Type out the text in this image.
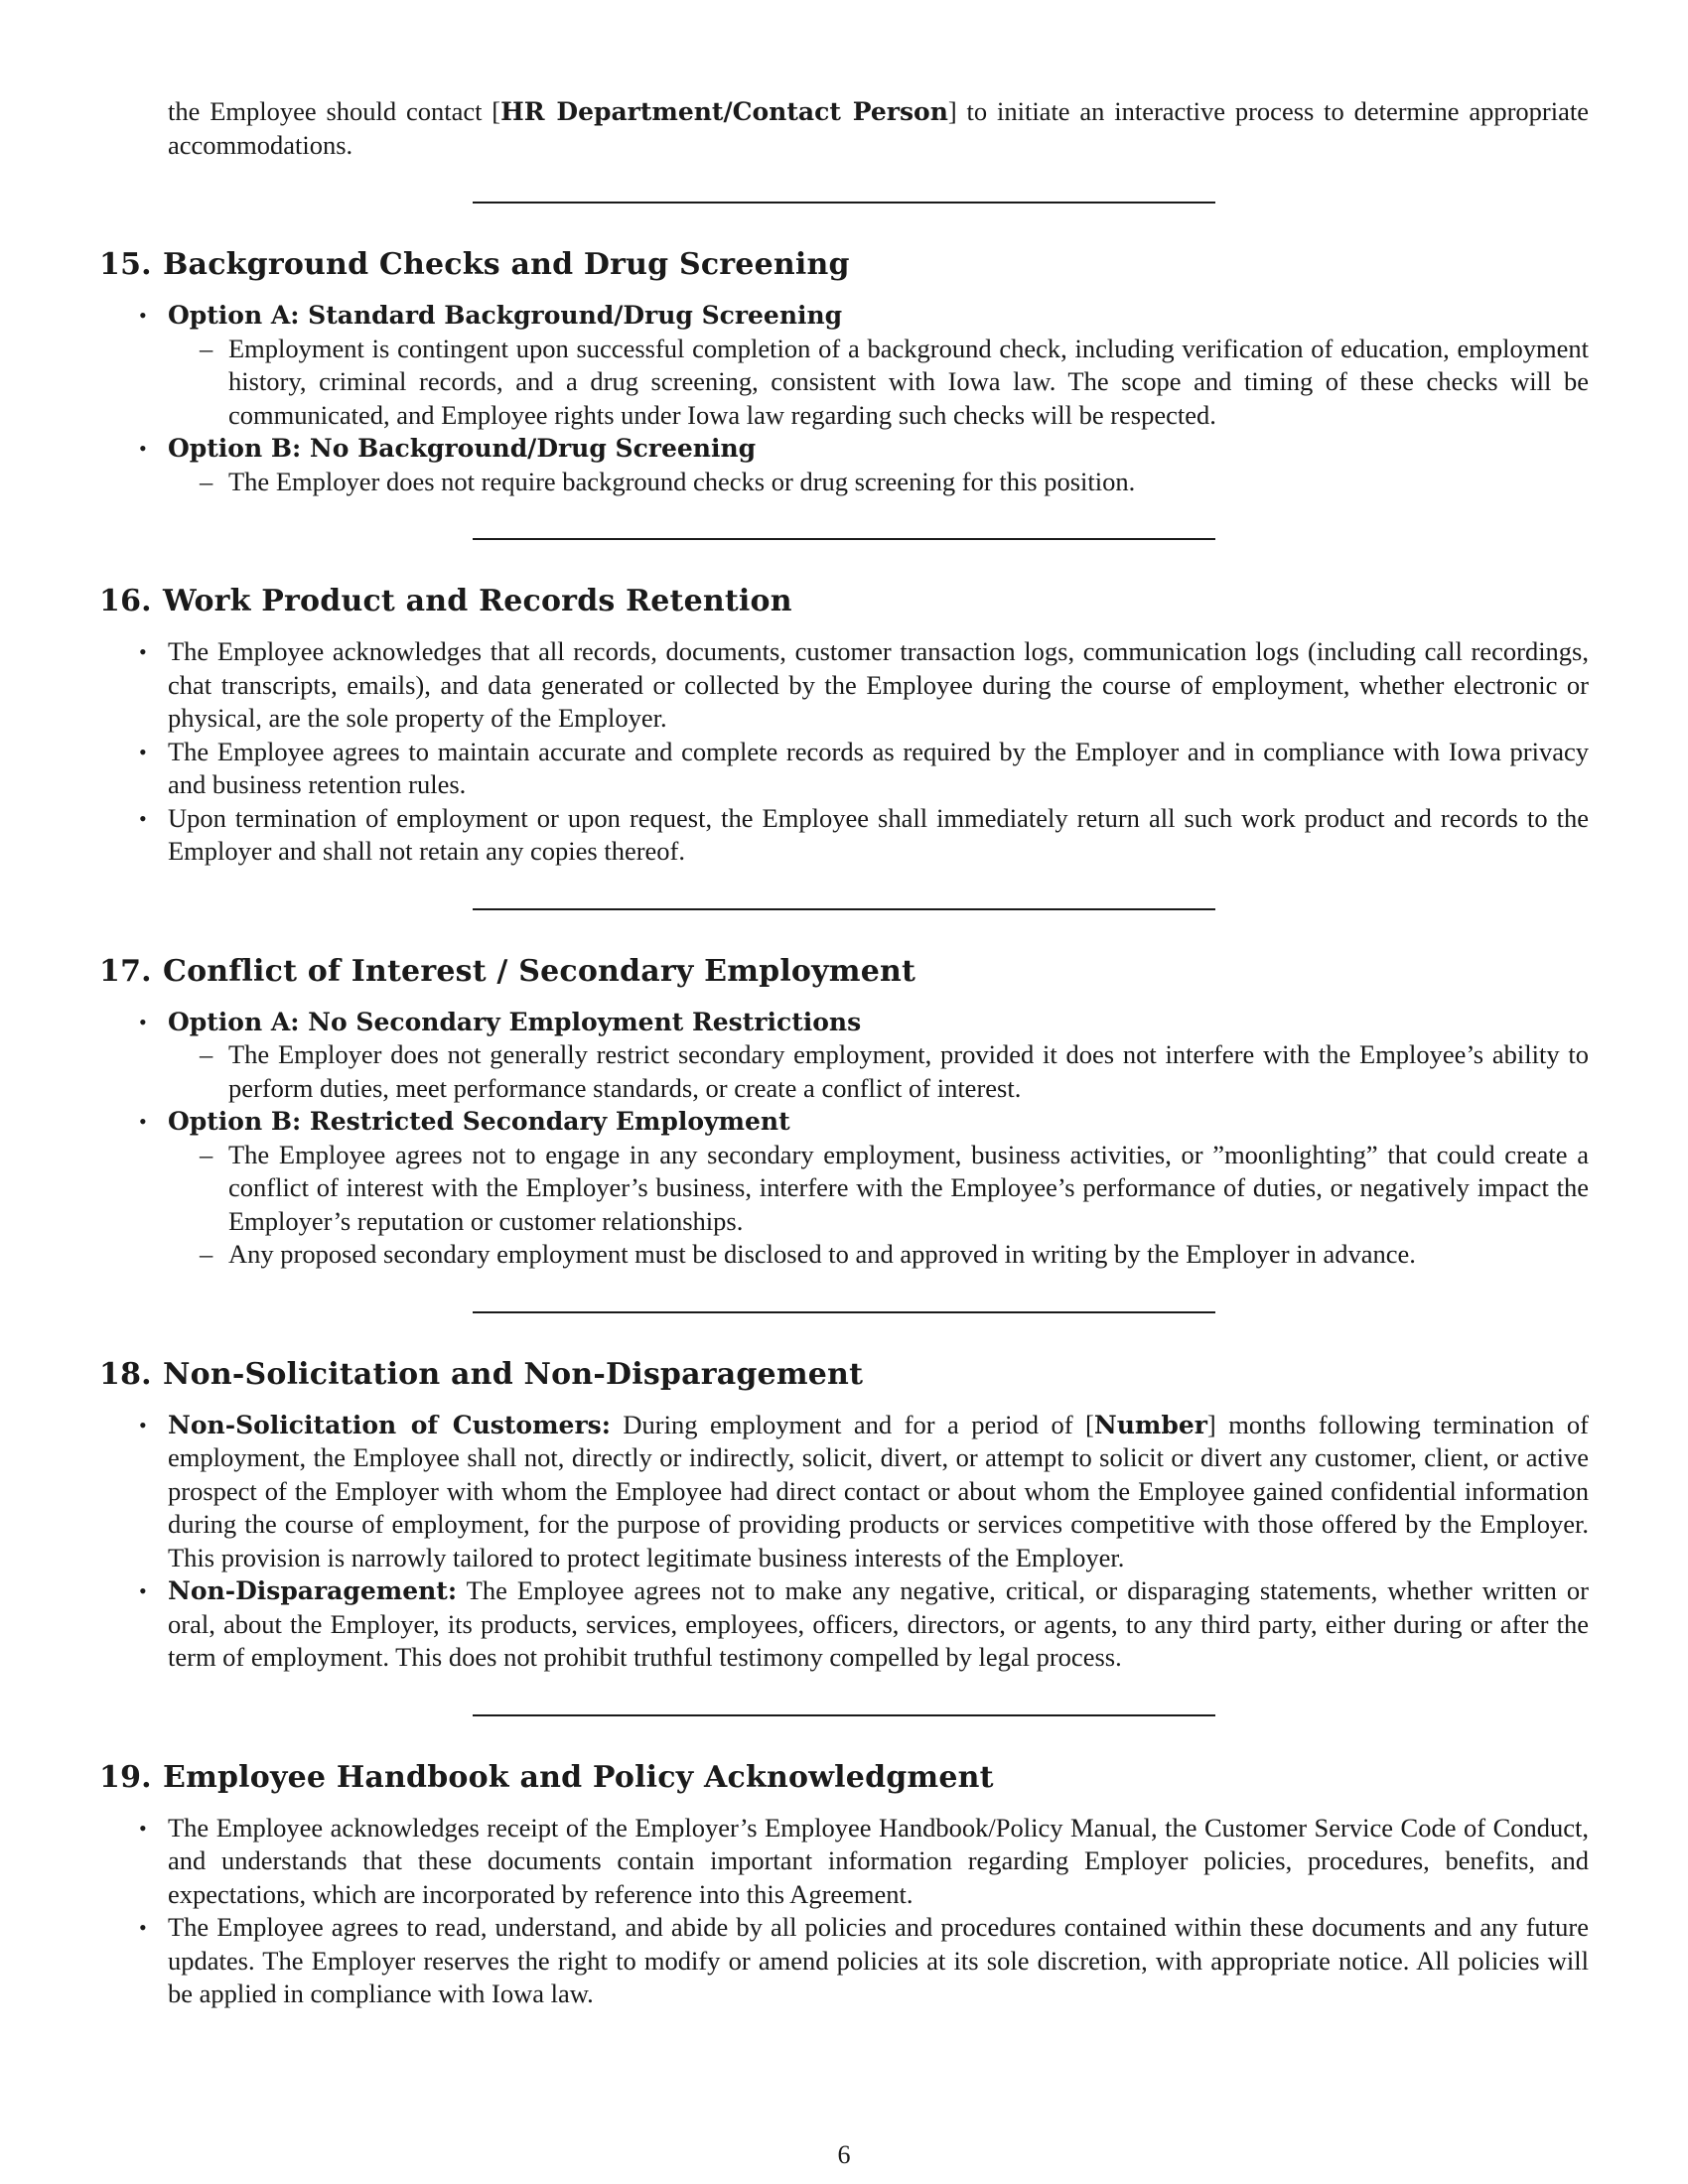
the Employee should contact [HR Department/Contact Person] to initiate an interactive process to determine appropriate accommodations.

15. Background Checks and Drug Screening
• Option A: Standard Background/Drug Screening
– Employment is contingent upon successful completion of a background check, including verification of education, employment history, criminal records, and a drug screening, consistent with Iowa law. The scope and timing of these checks will be communicated, and Employee rights under Iowa law regarding such checks will be respected.
• Option B: No Background/Drug Screening
– The Employer does not require background checks or drug screening for this position.
16. Work Product and Records Retention
• The Employee acknowledges that all records, documents, customer transaction logs, communication logs (including call recordings, chat transcripts, emails), and data generated or collected by the Employee during the course of employment, whether electronic or physical, are the sole property of the Employer.
• The Employee agrees to maintain accurate and complete records as required by the Employer and in compliance with Iowa privacy and business retention rules.
• Upon termination of employment or upon request, the Employee shall immediately return all such work product and records to the Employer and shall not retain any copies thereof.
17. Conflict of Interest / Secondary Employment
• Option A: No Secondary Employment Restrictions
– The Employer does not generally restrict secondary employment, provided it does not interfere with the Employee’s ability to perform duties, meet performance standards, or create a conflict of interest.
• Option B: Restricted Secondary Employment
– The Employee agrees not to engage in any secondary employment, business activities, or ”moonlighting” that could create a conflict of interest with the Employer’s business, interfere with the Employee’s performance of duties, or negatively impact the Employer’s reputation or customer relationships.
– Any proposed secondary employment must be disclosed to and approved in writing by the Employer in advance.
18. Non-Solicitation and Non-Disparagement
• Non-Solicitation of Customers: During employment and for a period of [Number] months following termination of employment, the Employee shall not, directly or indirectly, solicit, divert, or attempt to solicit or divert any customer, client, or active prospect of the Employer with whom the Employee had direct contact or about whom the Employee gained confidential information during the course of employment, for the purpose of providing products or services competitive with those offered by the Employer. This provision is narrowly tailored to protect legitimate business interests of the Employer.
• Non-Disparagement: The Employee agrees not to make any negative, critical, or disparaging statements, whether written or oral, about the Employer, its products, services, employees, officers, directors, or agents, to any third party, either during or after the term of employment. This does not prohibit truthful testimony compelled by legal process.
19. Employee Handbook and Policy Acknowledgment
• The Employee acknowledges receipt of the Employer’s Employee Handbook/Policy Manual, the Customer Service Code of Conduct, and understands that these documents contain important information regarding Employer policies, procedures, benefits, and expectations, which are incorporated by reference into this Agreement.
• The Employee agrees to read, understand, and abide by all policies and procedures contained within these documents and any future updates. The Employer reserves the right to modify or amend policies at its sole discretion, with appropriate notice. All policies will be applied in compliance with Iowa law.
6
